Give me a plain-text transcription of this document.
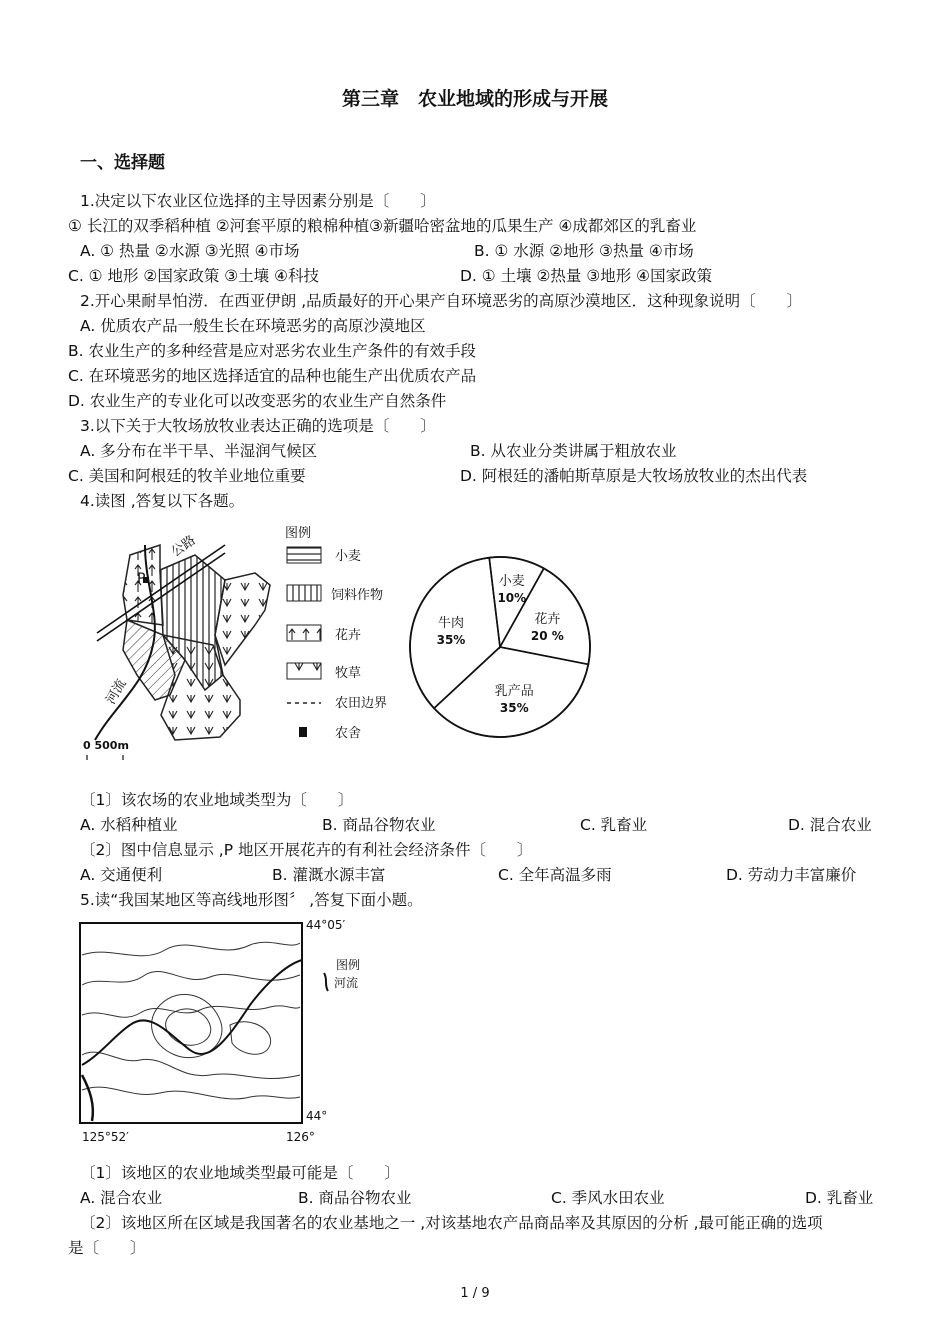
第三章　农业地域的形成与开展
一、选择题
1.决定以下农业区位选择的主导因素分别是〔　　〕
① 长江的双季稻种植 ②河套平原的粮棉种植③新疆哈密盆地的瓜果生产 ④成都郊区的乳畜业
A. ① 热量 ②水源 ③光照 ④市场	B. ① 水源 ②地形 ③热量 ④市场
C. ① 地形 ②国家政策 ③土壤 ④科技	D. ① 土壤 ②热量 ③地形 ④国家政策
2.开心果耐旱怕涝．在西亚伊朗 ,品质最好的开心果产自环境恶劣的高原沙漠地区．这种现象说明〔　　〕
A. 优质农产品一般生长在环境恶劣的高原沙漠地区
B. 农业生产的多种经营是应对恶劣农业生产条件的有效手段
C. 在环境恶劣的地区选择适宜的品种也能生产出优质农产品
D. 农业生产的专业化可以改变恶劣的农业生产自然条件
3.以下关于大牧场放牧业表达正确的选项是〔　　〕
A. 多分布在半干旱、半湿润气候区	B. 从农业分类讲属于粗放农业
C. 美国和阿根廷的牧羊业地位重要	D. 阿根廷的潘帕斯草原是大牧场放牧业的杰出代表
4.读图 ,答复以下各题。
P
公路
河流
0 500m
图例
小麦
饲料作物
花卉
牧草
农田边界
农舍
小麦
10%
花卉
20 %
乳产品
35%
牛肉
35%
〔1〕该农场的农业地域类型为〔　　〕
A. 水稻种植业	B. 商品谷物农业	C. 乳畜业	D. 混合农业
〔2〕图中信息显示 ,P 地区开展花卉的有利社会经济条件〔　　〕
A. 交通便利	B. 灌溉水源丰富	C. 全年高温多雨	D. 劳动力丰富廉价
5.读“我国某地区等高线地形图〞 ,答复下面小题。
44°05′
44°
125°52′	126°
图例
河流
〔1〕该地区的农业地域类型最可能是〔　　〕
A. 混合农业	B. 商品谷物农业	C. 季风水田农业	D. 乳畜业
〔2〕该地区所在区域是我国著名的农业基地之一 ,对该基地农产品商品率及其原因的分析 ,最可能正确的选项
是〔　　〕
1 / 9
